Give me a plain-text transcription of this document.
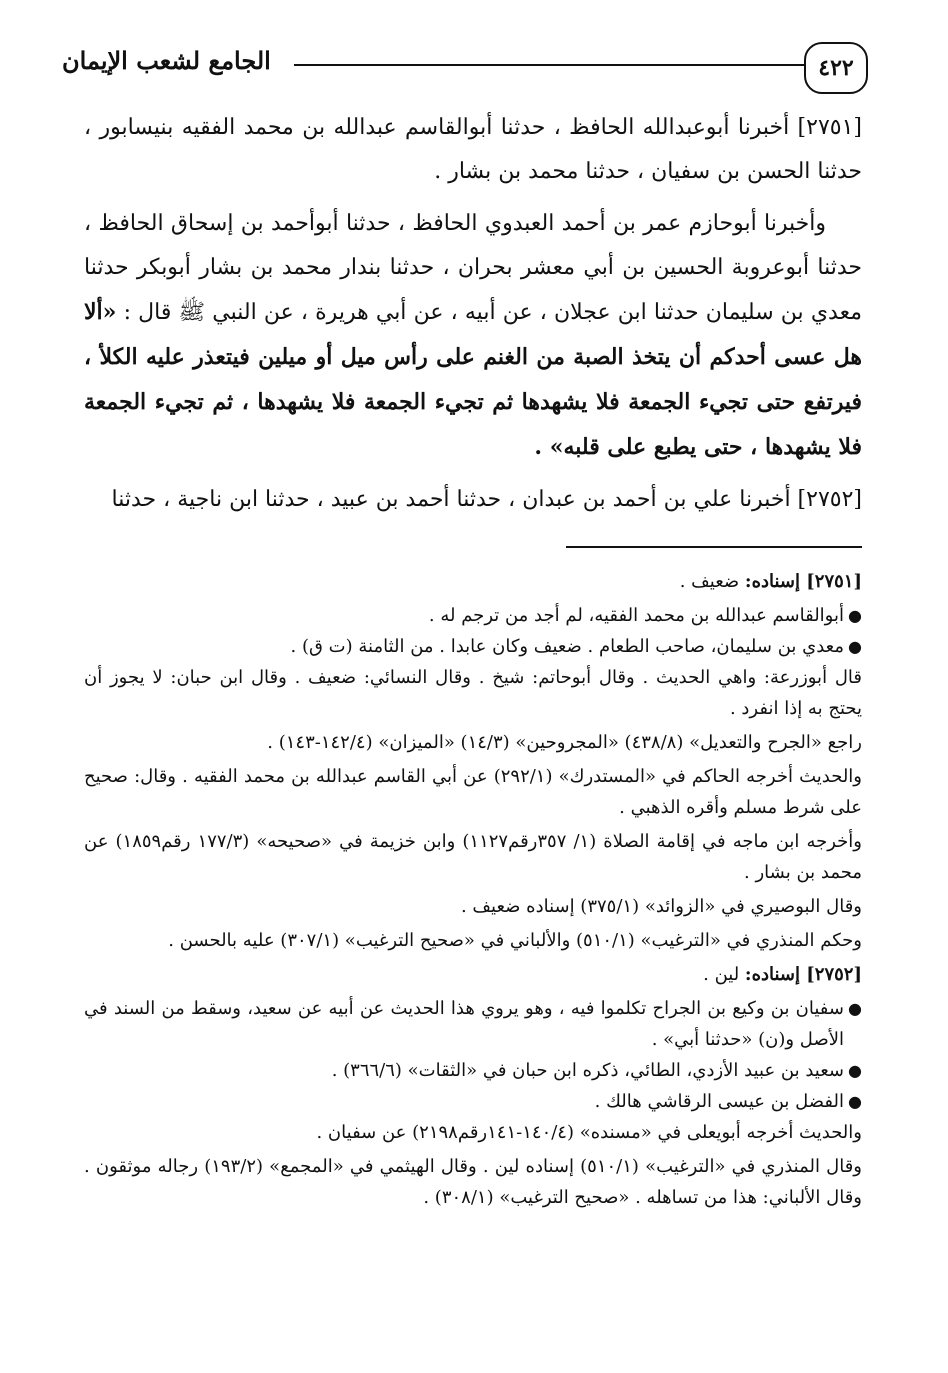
٤٢٢
الجامع لشعب الإيمان

[٢٧٥١] أخبرنا أبوعبدالله الحافظ ، حدثنا أبوالقاسم عبدالله بن محمد الفقيه بنيسابور ، حدثنا الحسن بن سفيان ، حدثنا محمد بن بشار .

وأخبرنا أبوحازم عمر بن أحمد العبدوي الحافظ ، حدثنا أبوأحمد بن إسحاق الحافظ ، حدثنا أبوعروبة الحسين بن أبي معشر بحران ، حدثنا بندار محمد بن بشار أبوبكر حدثنا معدي بن سليمان حدثنا ابن عجلان ، عن أبيه ، عن أبي هريرة ، عن النبي ﷺ قال : «ألا هل عسى أحدكم أن يتخذ الصبة من الغنم على رأس ميل أو ميلين فيتعذر عليه الكلأ ، فيرتفع حتى تجيء الجمعة فلا يشهدها ثم تجيء الجمعة فلا يشهدها ، ثم تجيء الجمعة فلا يشهدها ، حتى يطبع على قلبه» .

[٢٧٥٢] أخبرنا علي بن أحمد بن عبدان ، حدثنا أحمد بن عبيد ، حدثنا ابن ناجية ، حدثنا

[٢٧٥١] إسناده: ضعيف .

●
أبوالقاسم عبدالله بن محمد الفقيه، لم أجد من ترجم له .
●
معدي بن سليمان، صاحب الطعام . ضعيف وكان عابدا . من الثامنة (ت ق) .

قال أبوزرعة: واهي الحديث . وقال أبوحاتم: شيخ . وقال النسائي: ضعيف . وقال ابن حبان: لا يجوز أن يحتج به إذا انفرد .

راجع «الجرح والتعديل» (٤٣٨/٨) «المجروحين» (١٤/٣) «الميزان» (١٤٢/٤-١٤٣) .

والحديث أخرجه الحاكم في «المستدرك» (٢٩٢/١) عن أبي القاسم عبدالله بن محمد الفقيه . وقال: صحيح على شرط مسلم وأقره الذهبي .

وأخرجه ابن ماجه في إقامة الصلاة (١/ ٣٥٧رقم١١٢٧) وابن خزيمة في «صحيحه» (١٧٧/٣ رقم١٨٥٩) عن محمد بن بشار .

وقال البوصيري في «الزوائد» (٣٧٥/١) إسناده ضعيف .

وحكم المنذري في «الترغيب» (٥١٠/١) والألباني في «صحيح الترغيب» (٣٠٧/١) عليه بالحسن .

[٢٧٥٢] إسناده: لين .

●
سفيان بن وكيع بن الجراح تكلموا فيه ، وهو يروي هذا الحديث عن أبيه عن سعيد، وسقط من السند في الأصل و(ن) «حدثنا أبي» .
●
سعيد بن عبيد الأزدي، الطائي، ذكره ابن حبان في «الثقات» (٣٦٦/٦) .
●
الفضل بن عيسى الرقاشي هالك .

والحديث أخرجه أبويعلى في «مسنده» (١٤٠/٤-١٤١رقم٢١٩٨) عن سفيان .

وقال المنذري في «الترغيب» (٥١٠/١) إسناده لين . وقال الهيثمي في «المجمع» (١٩٣/٢) رجاله موثقون . وقال الألباني: هذا من تساهله . «صحيح الترغيب» (٣٠٨/١) .
